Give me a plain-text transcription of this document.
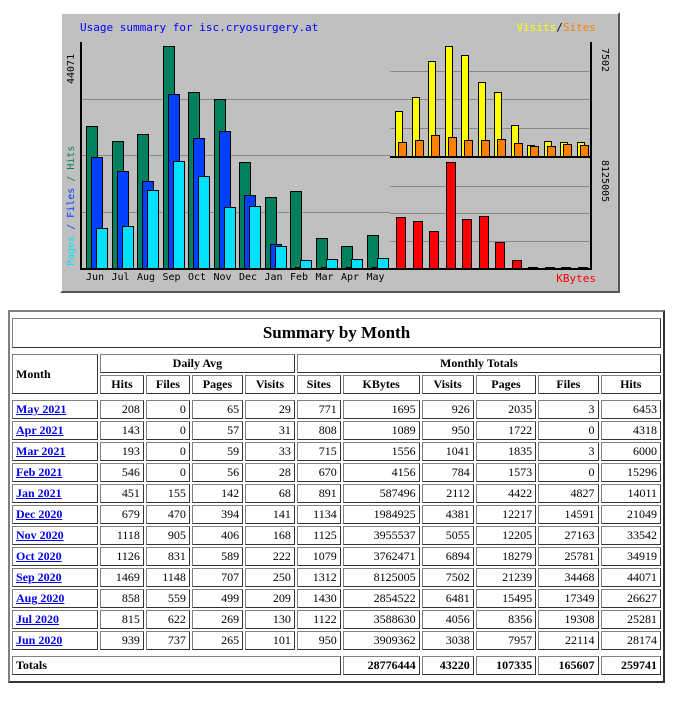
Usage summary for isc.cryosurgery.at	Visits/Sites
44071
Pages / Files / Hits
7502
8125005
KBytes
Jun Jul Aug Sep Oct Nov Dec Jan Feb Mar Apr May

Summary by Month										

Month	Daily Avg				Monthly Totals					
	Hits	Files	Pages	Visits	Sites	KBytes	Visits	Pages	Files	Hits

May 2021	208	0	65	29	771	1695	926	2035	3	6453
Apr 2021	143	0	57	31	808	1089	950	1722	0	4318
Mar 2021	193	0	59	33	715	1556	1041	1835	3	6000
Feb 2021	546	0	56	28	670	4156	784	1573	0	15296
Jan 2021	451	155	142	68	891	587496	2112	4422	4827	14011
Dec 2020	679	470	394	141	1134	1984925	4381	12217	14591	21049
Nov 2020	1118	905	406	168	1125	3955537	5055	12205	27163	33542
Oct 2020	1126	831	589	222	1079	3762471	6894	18279	25781	34919
Sep 2020	1469	1148	707	250	1312	8125005	7502	21239	34468	44071
Aug 2020	858	559	499	209	1430	2854522	6481	15495	17349	26627
Jul 2020	815	622	269	130	1122	3588630	4056	8356	19308	25281
Jun 2020	939	737	265	101	950	3909362	3038	7957	22114	28174

Totals						28776444	43220	107335	165607	259741
